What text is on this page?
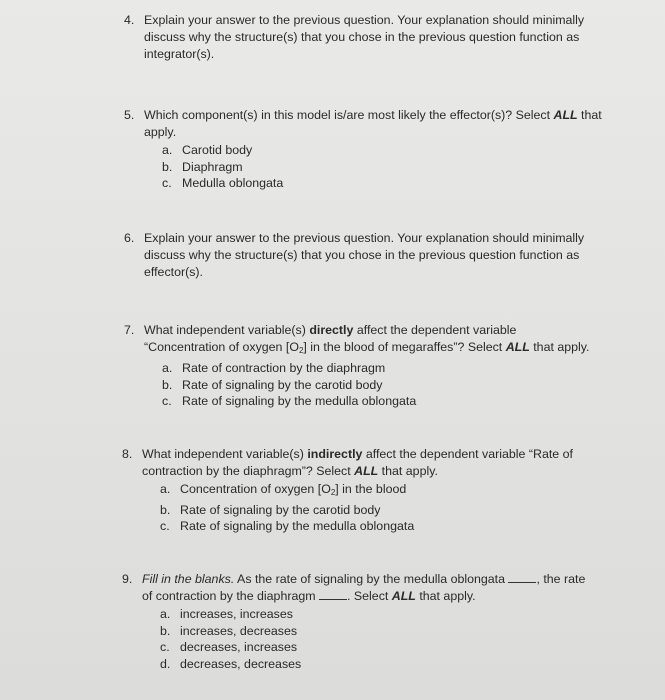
4. Explain your answer to the previous question. Your explanation should minimally discuss why the structure(s) that you chose in the previous question function as integrator(s).
5. Which component(s) in this model is/are most likely the effector(s)? Select ALL that apply.
a. Carotid body
b. Diaphragm
c. Medulla oblongata
6. Explain your answer to the previous question. Your explanation should minimally discuss why the structure(s) that you chose in the previous question function as effector(s).
7. What independent variable(s) directly affect the dependent variable “Concentration of oxygen $[O_2]$ in the blood of megaraffes”? Select ALL that apply.
a. Rate of contraction by the diaphragm
b. Rate of signaling by the carotid body
c. Rate of signaling by the medulla oblongata
8. What independent variable(s) indirectly affect the dependent variable “Rate of contraction by the diaphragm”? Select ALL that apply.
a. Concentration of oxygen $[O_2]$ in the blood
b. Rate of signaling by the carotid body
c. Rate of signaling by the medulla oblongata
9. Fill in the blanks. As the rate of signaling by the medulla oblongata , the rate of contraction by the diaphragm . Select ALL that apply.
a. increases, increases
b. increases, decreases
c. decreases, increases
d. decreases, decreases
